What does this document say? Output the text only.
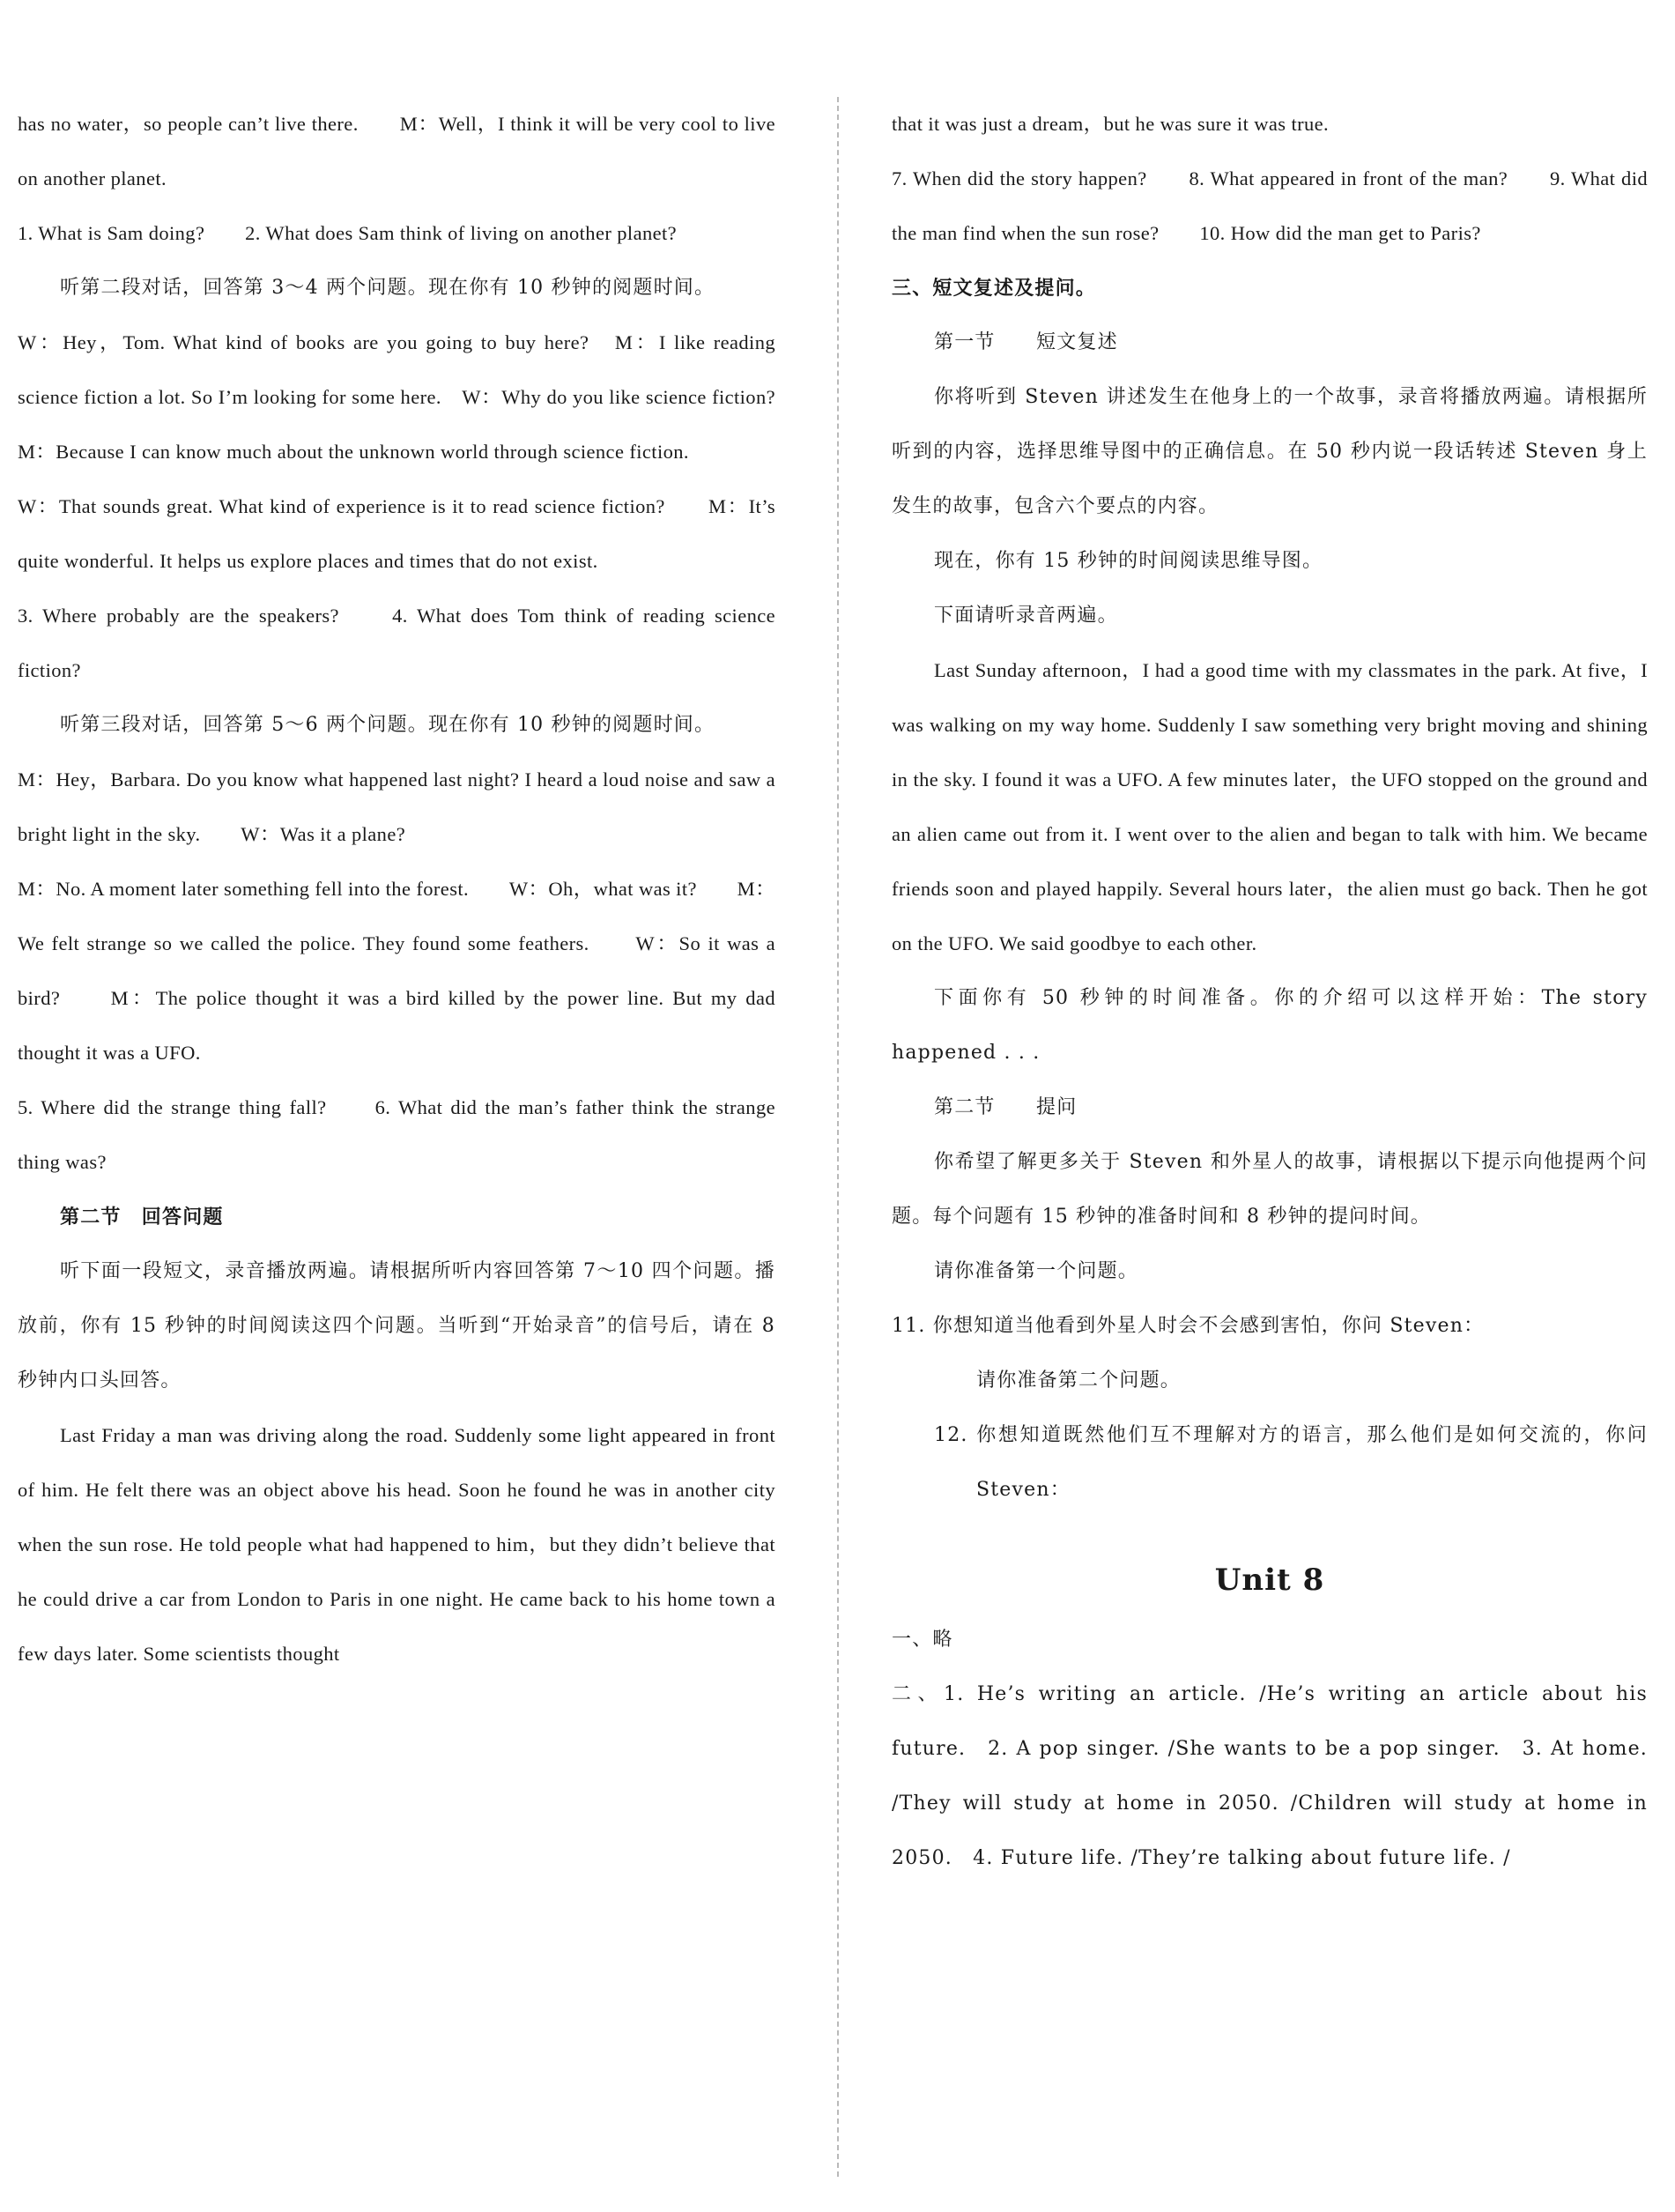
has no water，so people can’t live there.　　M：Well，I think it will be very cool to live on another planet.

1. What is Sam doing?　　2. What does Sam think of living on another planet?

听第二段对话，回答第 3～4 两个问题。现在你有 10 秒钟的阅题时间。

W：Hey，Tom. What kind of books are you going to buy here?　M：I like reading science fiction a lot. So I’m looking for some here.　W：Why do you like science fiction?　　M：Because I can know much about the unknown world through science fiction.

W：That sounds great. What kind of experience is it to read science fiction?　　M：It’s quite wonderful. It helps us explore places and times that do not exist.

3. Where probably are the speakers?　　4. What does Tom think of reading science fiction?

听第三段对话，回答第 5～6 两个问题。现在你有 10 秒钟的阅题时间。

M：Hey，Barbara. Do you know what happened last night? I heard a loud noise and saw a bright light in the sky.　　W：Was it a plane?

M：No. A moment later something fell into the forest.　　W：Oh，what was it?　　M：We felt strange so we called the police. They found some feathers.　　W：So it was a bird?　　M：The police thought it was a bird killed by the power line. But my dad thought it was a UFO.

5. Where did the strange thing fall?　　6. What did the man’s father think the strange thing was?

第二节　回答问题

听下面一段短文，录音播放两遍。请根据所听内容回答第 7～10 四个问题。播放前，你有 15 秒钟的时间阅读这四个问题。当听到“开始录音”的信号后，请在 8 秒钟内口头回答。

Last Friday a man was driving along the road. Suddenly some light appeared in front of him. He felt there was an object above his head. Soon he found he was in another city when the sun rose. He told people what had happened to him，but they didn’t believe that he could drive a car from London to Paris in one night. He came back to his home town a few days later. Some scientists thought

that it was just a dream，but he was sure it was true.

7. When did the story happen?　　8. What appeared in front of the man?　　9. What did the man find when the sun rose?　　10. How did the man get to Paris?

三、短文复述及提问。

第一节　　短文复述

你将听到 Steven 讲述发生在他身上的一个故事，录音将播放两遍。请根据所听到的内容，选择思维导图中的正确信息。在 50 秒内说一段话转述 Steven 身上发生的故事，包含六个要点的内容。

现在，你有 15 秒钟的时间阅读思维导图。

下面请听录音两遍。

Last Sunday afternoon，I had a good time with my classmates in the park. At five，I was walking on my way home. Suddenly I saw something very bright moving and shining in the sky. I found it was a UFO. A few minutes later，the UFO stopped on the ground and an alien came out from it. I went over to the alien and began to talk with him. We became friends soon and played happily. Several hours later，the alien must go back. Then he got on the UFO. We said goodbye to each other.

下面你有 50 秒钟的时间准备。你的介绍可以这样开始：The story happened . . .

第二节　　提问

你希望了解更多关于 Steven 和外星人的故事，请根据以下提示向他提两个问题。每个问题有 15 秒钟的准备时间和 8 秒钟的提问时间。

请你准备第一个问题。

11. 你想知道当他看到外星人时会不会感到害怕，你问 Steven：

请你准备第二个问题。

12. 你想知道既然他们互不理解对方的语言，那么他们是如何交流的，你问 Steven：

Unit 8

一、略

二、1. He’s writing an article. /He’s writing an article about his future.　2. A pop singer. /She wants to be a pop singer.　3. At home. /They will study at home in 2050. /Children will study at home in 2050.　4. Future life. /They’re talking about future life. /
